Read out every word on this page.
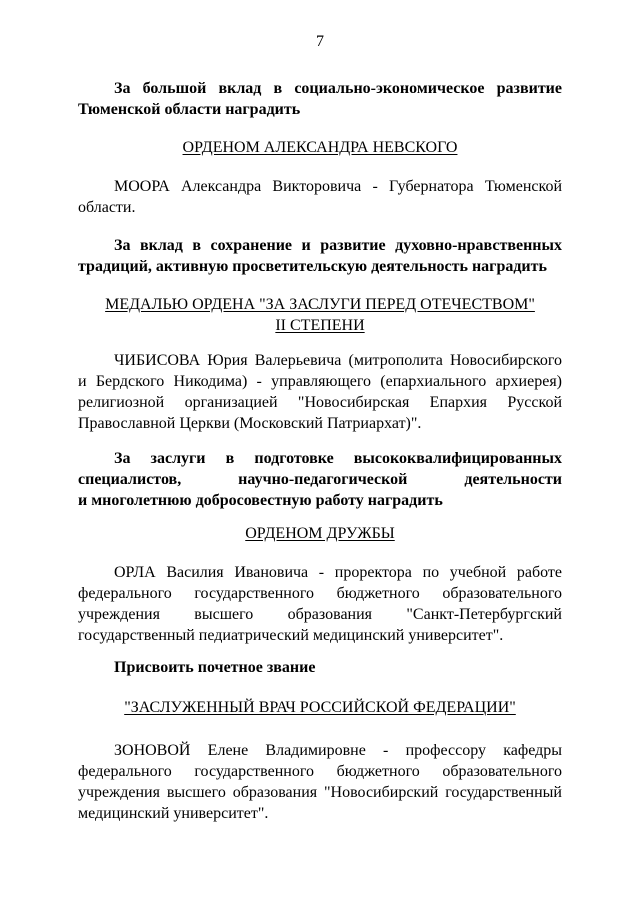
7
За большой вклад в социально-экономическое развитие
Тюменской области наградить
ОРДЕНОМ АЛЕКСАНДРА НЕВСКОГО
МООРА Александра Викторовича - Губернатора Тюменской области.
За вклад в сохранение и развитие духовно-нравственных
традиций, активную просветительскую деятельность наградить
МЕДАЛЬЮ ОРДЕНА "ЗА ЗАСЛУГИ ПЕРЕД ОТЕЧЕСТВОМ"
II СТЕПЕНИ
ЧИБИСОВА Юрия Валерьевича (митрополита Новосибирского и Бердского Никодима) - управляющего (епархиального архиерея) религиозной организацией "Новосибирская Епархия Русской Православной Церкви (Московский Патриархат)".
За заслуги в подготовке высококвалифицированных
специалистов, научно-педагогической деятельности
и многолетнюю добросовестную работу наградить
ОРДЕНОМ ДРУЖБЫ
ОРЛА Василия Ивановича - проректора по учебной работе федерального государственного бюджетного образовательного учреждения высшего образования "Санкт-Петербургский государственный педиатрический медицинский университет".
Присвоить почетное звание
"ЗАСЛУЖЕННЫЙ ВРАЧ РОССИЙСКОЙ ФЕДЕРАЦИИ"
ЗОНОВОЙ Елене Владимировне - профессору кафедры федерального государственного бюджетного образовательного учреждения высшего образования "Новосибирский государственный медицинский университет".
